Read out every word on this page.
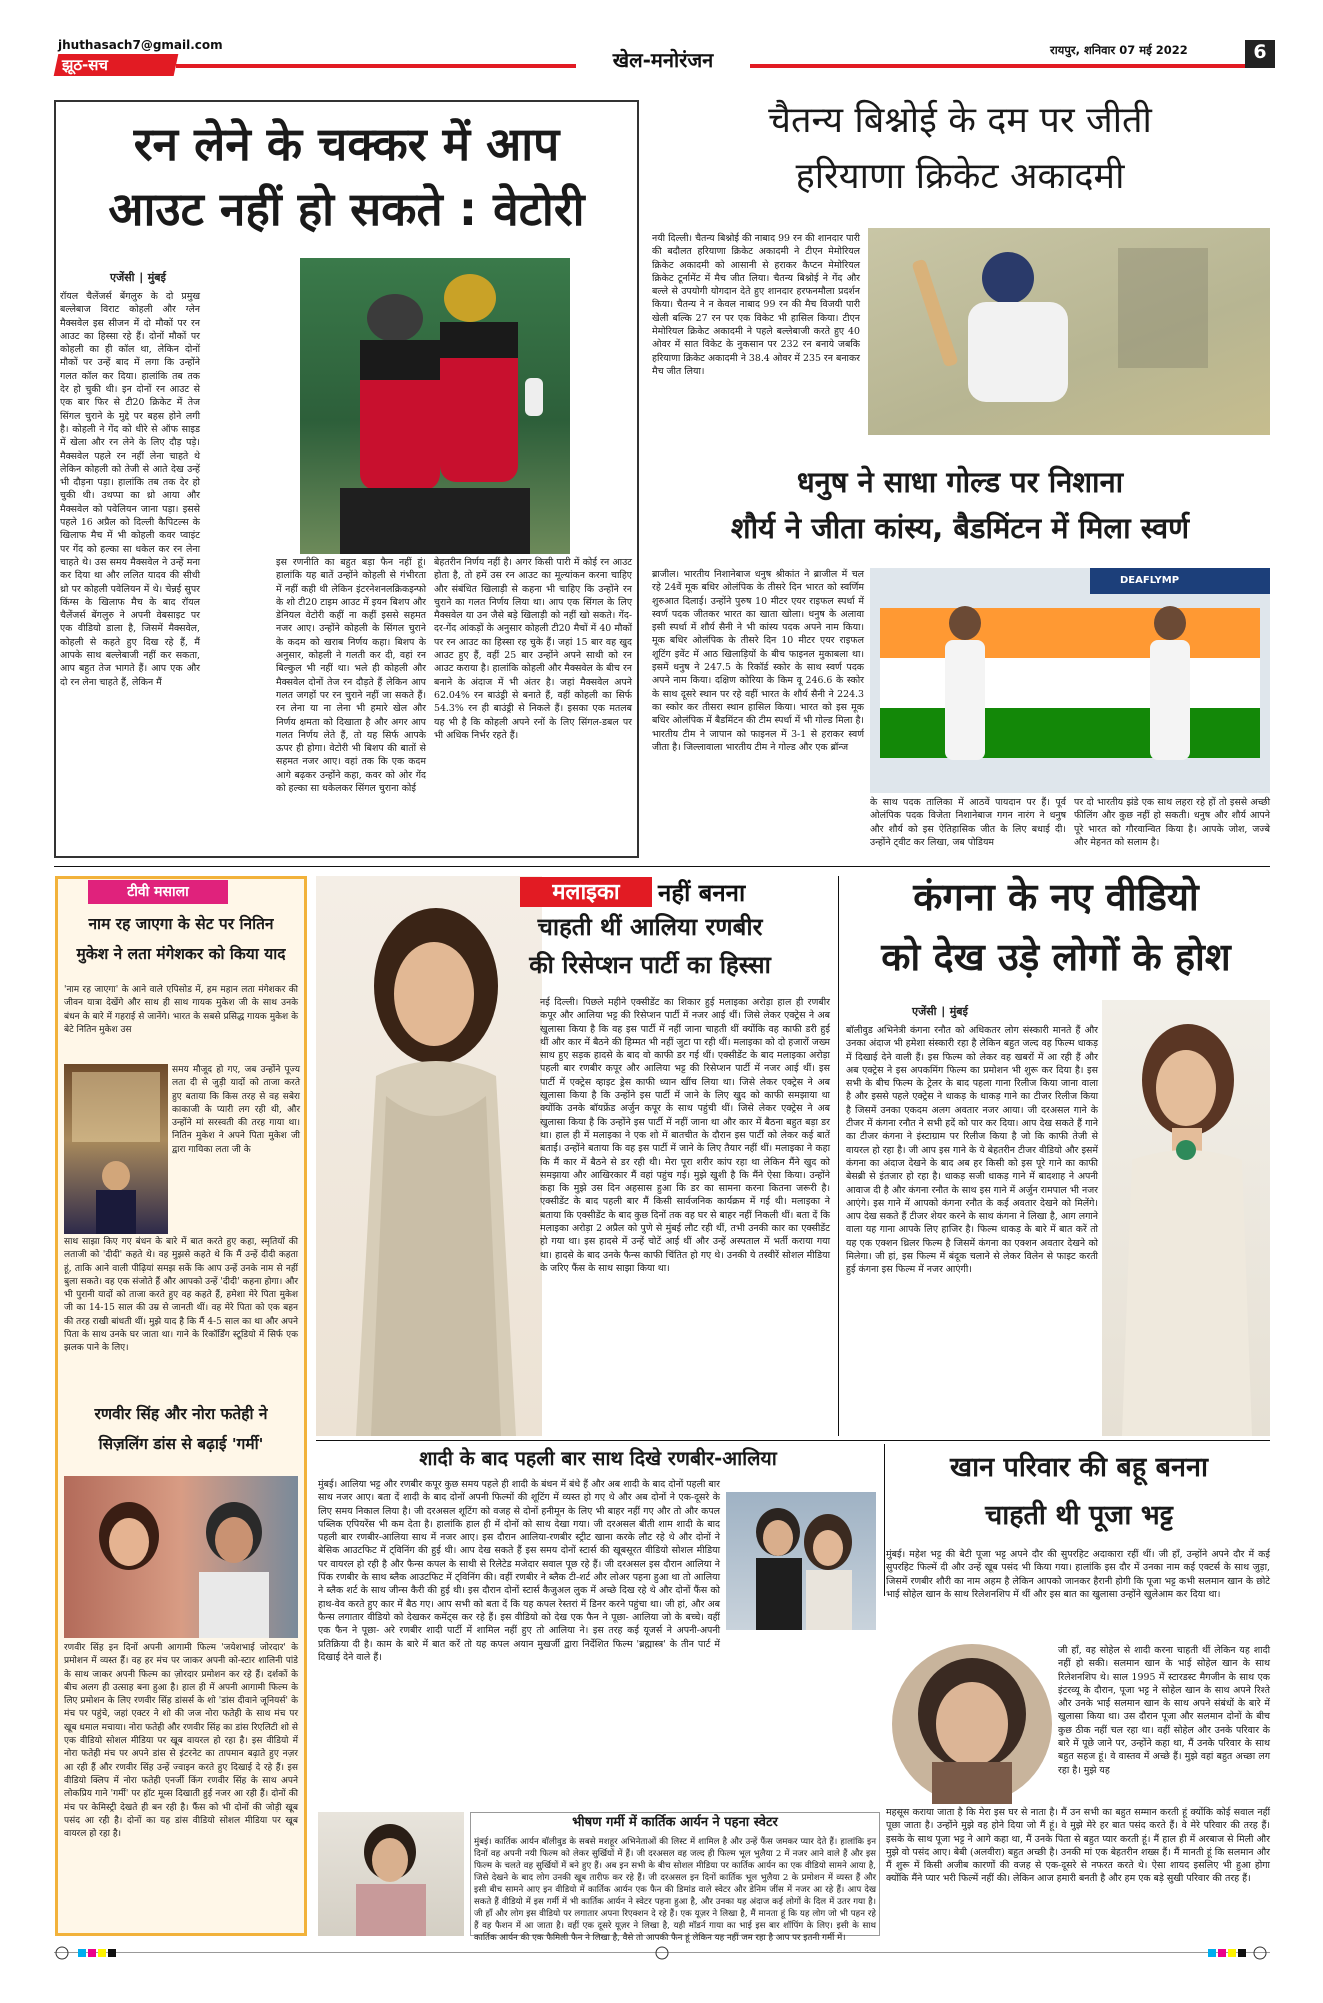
jhuthasach7@gmail.com
झूठ-सच	खेल-मनोरंजन	रायपुर, शनिवार 07 मई 2022	6
रन लेने के चक्कर में आप
आउट नहीं हो सकते : वेटोरी
एजेंसी ∣ मुंबई
रॉयल चैलेंजर्स बेंगलुरु के दो प्रमुख बल्लेबाज विराट कोहली और ग्लेन मैक्सवेल इस सीजन में दो मौकों पर रन आउट का हिस्सा रहे हैं। दोनों मौकों पर कोहली का ही कॉल था, लेकिन दोनों मौकों पर उन्हें बाद में लगा कि उन्होंने गलत कॉल कर दिया। हालांकि तब तक देर हो चुकी थी। इन दोनों रन आउट से एक बार फिर से टी20 क्रिकेट में तेज सिंगल चुराने के मुद्दे पर बहस होने लगी है। कोहली ने गेंद को धीरे से ऑफ साइड में खेला और रन लेने के लिए दौड़ पड़े। मैक्सवेल पहले रन नहीं लेना चाहते थे लेकिन कोहली को तेजी से आते देख उन्हें भी दौड़ना पड़ा। हालांकि तब तक देर हो चुकी थी। उथप्पा का थ्रो आया और मैक्सवेल को पवेलियन जाना पड़ा। इससे पहले 16 अप्रैल को दिल्ली कैपिटल्स के खिलाफ मैच में भी कोहली कवर प्वाइंट पर गेंद को हल्का सा धकेल कर रन लेना चाहते थे। उस समय मैक्सवेल ने उन्हें मना कर दिया था और ललित यादव की सीधी थ्रो पर कोहली पवेलियन में थे। चेन्नई सुपर किंग्स के खिलाफ मैच के बाद रॉयल चैलेंजर्स बेंगलुरु ने अपनी वेबसाइट पर एक वीडियो डाला है, जिसमें मैक्सवेल, कोहली से कहते हुए दिख रहे हैं, मैं आपके साथ बल्लेबाजी नहीं कर सकता, आप बहुत तेज भागते हैं। आप एक और दो रन लेना चाहते हैं, लेकिन मैं
इस रणनीति का बहुत बड़ा फैन नहीं हूं। हालांकि यह बातें उन्होंने कोहली से गंभीरता में नहीं कही थी लेकिन इंटरनेशनलक्रिकइन्फो के शो टी20 टाइम आउट में इयन बिशप और डेनियल वेटोरी कहीं ना कहीं इससे सहमत नजर आए। उन्होंने कोहली के सिंगल चुराने के कदम को खराब निर्णय कहा। बिशप के अनुसार, कोहली ने गलती कर दी, वहां रन बिल्कुल भी नहीं था। भले ही कोहली और मैक्सवेल दोनों तेज रन दौड़ते हैं लेकिन आप गलत जगहों पर रन चुराने नहीं जा सकते हैं। रन लेना या ना लेना भी हमारे खेल और निर्णय क्षमता को दिखाता है और अगर आप गलत निर्णय लेते हैं, तो यह सिर्फ आपके ऊपर ही होगा। वेटोरी भी बिशप की बातों से सहमत नजर आए। वहां तक कि एक कदम आगे बढ़कर उन्होंने कहा, कवर को ओर गेंद को हल्का सा धकेलकर सिंगल चुराना कोई
बेहतरीन निर्णय नहीं है। अगर किसी पारी में कोई रन आउट होता है, तो हमें उस रन आउट का मूल्यांकन करना चाहिए और संबंधित खिलाड़ी से कहना भी चाहिए कि उन्होंने रन चुराने का गलत निर्णय लिया था। आप एक सिंगल के लिए मैक्सवेल या उन जैसे बड़े खिलाड़ी को नहीं खो सकते। गेंद-दर-गेंद आंकड़ों के अनुसार कोहली टी20 मैचों में 40 मौकों पर रन आउट का हिस्सा रह चुके हैं। जहां 15 बार वह खुद आउट हुए हैं, वहीं 25 बार उन्होंने अपने साथी को रन आउट कराया है। हालांकि कोहली और मैक्सवेल के बीच रन बनाने के अंदाज में भी अंतर है। जहां मैक्सवेल अपने 62.04% रन बाउंड्री से बनाते हैं, वहीं कोहली का सिर्फ 54.3% रन ही बाउंड्री से निकले हैं। इसका एक मतलब यह भी है कि कोहली अपने रनों के लिए सिंगल-डबल पर भी अधिक निर्भर रहते हैं।
चैतन्य बिश्नोई के दम पर जीती
हरियाणा क्रिकेट अकादमी
नयी दिल्ली। चैतन्य बिश्नोई की नाबाद 99 रन की शानदार पारी की बदौलत हरियाणा क्रिकेट अकादमी ने टीएन मेमोरियल क्रिकेट अकादमी को आसानी से हराकर कैप्टन मेमोरियल क्रिकेट टूर्नामेंट में मैच जीत लिया। चैतन्य बिश्नोई ने गेंद और बल्ले से उपयोगी योगदान देते हुए शानदार हरफनमौला प्रदर्शन किया। चैतन्य ने न केवल नाबाद 99 रन की मैच विजयी पारी खेली बल्कि 27 रन पर एक विकेट भी हासिल किया। टीएन मेमोरियल क्रिकेट अकादमी ने पहले बल्लेबाजी करते हुए 40 ओवर में सात विकेट के नुकसान पर 232 रन बनाये जबकि हरियाणा क्रिकेट अकादमी ने 38.4 ओवर में 235 रन बनाकर मैच जीत लिया।
धनुष ने साधा गोल्ड पर निशाना
शौर्य ने जीता कांस्य, बैडमिंटन में मिला स्वर्ण
ब्राजील। भारतीय निशानेबाज धनुष श्रीकांत ने ब्राजील में चल रहे 24वें मूक बधिर ओलंपिक के तीसरे दिन भारत को स्वर्णिम शुरुआत दिलाई। उन्होंने पुरुष 10 मीटर एयर राइफल स्पर्धा में स्वर्ण पदक जीतकर भारत का खाता खोला। धनुष के अलावा इसी स्पर्धा में शौर्य सैनी ने भी कांस्य पदक अपने नाम किया। मूक बधिर ओलंपिक के तीसरे दिन 10 मीटर एयर राइफल शूटिंग इवेंट में आठ खिलाड़ियों के बीच फाइनल मुकाबला था। इसमें धनुष ने 247.5 के रिकॉर्ड स्कोर के साथ स्वर्ण पदक अपने नाम किया। दक्षिण कोरिया के किम वू 246.6 के स्कोर के साथ दूसरे स्थान पर रहे वहीं भारत के शौर्य सैनी ने 224.3 का स्कोर कर तीसरा स्थान हासिल किया। भारत को इस मूक बधिर ओलंपिक में बैडमिंटन की टीम स्पर्धा में भी गोल्ड मिला है। भारतीय टीम ने जापान को फाइनल में 3-1 से हराकर स्वर्ण जीता है। जिल्लावाला भारतीय टीम ने गोल्ड और एक ब्रॉन्ज
DEAFLYMP
के साथ पदक तालिका में आठवें पायदान पर हैं। पूर्व ओलंपिक पदक विजेता निशानेबाज गगन नारंग ने धनुष और शौर्य को इस ऐतिहासिक जीत के लिए बधाई दी। उन्होंने ट्वीट कर लिखा, जब पोडियम
पर दो भारतीय झंडे एक साथ लहरा रहे हों तो इससे अच्छी फीलिंग और कुछ नहीं हो सकती। धनुष और शौर्य आपने पूरे भारत को गौरवान्वित किया है। आपके जोश, जज्बे और मेहनत को सलाम है।
टीवी मसाला
नाम रह जाएगा के सेट पर नितिन
मुकेश ने लता मंगेशकर को किया याद
'नाम रह जाएगा' के आने वाले एपिसोड में, हम महान लता मंगेशकर की जीवन यात्रा देखेंगे और साथ ही साथ गायक मुकेश जी के साथ उनके बंधन के बारे में गहराई से जानेंगे। भारत के सबसे प्रसिद्ध गायक मुकेश के बेटे नितिन मुकेश उस
समय मौजूद हो गए, जब उन्होंने पूज्य लता दी से जुड़ी यादों को ताजा करते हुए बताया कि किस तरह से वह सबेरा काकाजी के प्यारी लग रही थी, और उन्होंने मां सरस्वती की तरह गाया था। नितिन मुकेश ने अपने पिता मुकेश जी द्वारा गायिका लता जी के
साथ साझा किए गए बंधन के बारे में बात करते हुए कहा, स्मृतियों की लताजी को 'दीदी' कहते थे। वह मुझसे कहते थे कि मैं उन्हें दीदी कहता हूं, ताकि आने वाली पीढ़ियां समझ सकें कि आप उन्हें उनके नाम से नहीं बुला सकते। वह एक संजोते हैं और आपको उन्हें 'दीदी' कहना होगा। और भी पुरानी यादों को ताजा करते हुए वह कहते हैं, हमेशा मेरे पिता मुकेश जी का 14-15 साल की उम्र से जानती थीं। वह मेरे पिता को एक बहन की तरह राखी बांधती थीं। मुझे याद है कि मैं 4-5 साल का था और अपने पिता के साथ उनके घर जाता था। गाने के रिकॉर्डिंग स्टूडियो में सिर्फ एक झलक पाने के लिए।
रणवीर सिंह और नोरा फतेही ने
सिज़लिंग डांस से बढ़ाई 'गर्मी'
रणवीर सिंह इन दिनों अपनी आगामी फिल्म 'जयेशभाई जोरदार' के प्रमोशन में व्यस्त हैं। वह हर मंच पर जाकर अपनी को-स्टार शालिनी पांडे के साथ जाकर अपनी फिल्म का ज़ोरदार प्रमोशन कर रहे हैं। दर्शकों के बीच अलग ही उत्साह बना हुआ है। हाल ही में अपनी आगामी फिल्म के लिए प्रमोशन के लिए रणवीर सिंह डांसर्स के शो 'डांस दीवाने जूनियर्स' के मंच पर पहुंचे, जहां एक्टर ने शो की जज नोरा फतेही के साथ मंच पर खूब धमाल मचाया। नोरा फतेही और रणवीर सिंह का डांस रिएलिटी शो से एक वीडियो सोशल मीडिया पर खूब वायरल हो रहा है। इस वीडियो में नोरा फतेही मंच पर अपने डांस से इंटरनेट का तापमान बढ़ाते हुए नज़र आ रही हैं और रणवीर सिंह उन्हें ज्वाइन करते हुए दिखाई दे रहे हैं। इस वीडियो क्लिप में नोरा फतेही एनर्जी किंग रणवीर सिंह के साथ अपने लोकप्रिय गाने 'गर्मी' पर हॉट मूव्स दिखाती हुई नजर आ रही हैं। दोनों की मंच पर केमिस्ट्री देखते ही बन रही है। फैंस को भी दोनों की जोड़ी खूब पसंद आ रही है। दोनों का यह डांस वीडियो सोशल मीडिया पर खूब वायरल हो रहा है।
मलाइका	नहीं बनना
चाहती थीं आलिया रणबीर
की रिसेप्शन पार्टी का हिस्सा
नई दिल्ली। पिछले महीने एक्सीडेंट का शिकार हुई मलाइका अरोड़ा हाल ही रणबीर कपूर और आलिया भट्ट की रिसेप्शन पार्टी में नजर आई थीं। जिसे लेकर एक्ट्रेस ने अब खुलासा किया है कि वह इस पार्टी में नहीं जाना चाहती थीं क्योंकि वह काफी डरी हुई थीं और कार में बैठने की हिम्मत भी नहीं जुटा पा रही थीं। मलाइका को दो हजारों जख्म साथ हुए सड़क हादसे के बाद वो काफी डर गई थीं। एक्सीडेंट के बाद मलाइका अरोड़ा पहली बार रणबीर कपूर और आलिया भट्ट की रिसेप्शन पार्टी में नजर आई थीं। इस पार्टी में एक्ट्रेस व्हाइट ड्रेस काफी ध्यान खींच लिया था। जिसे लेकर एक्ट्रेस ने अब खुलासा किया है कि उन्होंने इस पार्टी में जाने के लिए खुद को काफी समझाया था क्योंकि उनके बॉयफ्रेंड अर्जुन कपूर के साथ पहुंची थीं। जिसे लेकर एक्ट्रेस ने अब खुलासा किया है कि उन्होंने इस पार्टी में नहीं जाना था और कार में बैठना बहुत बड़ा डर था। हाल ही में मलाइका ने एक शो में बातचीत के दौरान इस पार्टी को लेकर कई बातें बताईं। उन्होंने बताया कि वह इस पार्टी में जाने के लिए तैयार नहीं थीं। मलाइका ने कहा कि मैं कार में बैठने से डर रही थी। मेरा पूरा शरीर कांप रहा था लेकिन मैंने खुद को समझाया और आखिरकार मैं वहां पहुंच गई। मुझे खुशी है कि मैंने ऐसा किया। उन्होंने कहा कि मुझे उस दिन अहसास हुआ कि डर का सामना करना कितना जरूरी है। एक्सीडेंट के बाद पहली बार मैं किसी सार्वजनिक कार्यक्रम में गई थी। मलाइका ने बताया कि एक्सीडेंट के बाद कुछ दिनों तक वह घर से बाहर नहीं निकली थीं। बता दें कि मलाइका अरोड़ा 2 अप्रैल को पुणे से मुंबई लौट रही थीं, तभी उनकी कार का एक्सीडेंट हो गया था। इस हादसे में उन्हें चोटें आई थीं और उन्हें अस्पताल में भर्ती कराया गया था। हादसे के बाद उनके फैन्स काफी चिंतित हो गए थे। उनकी ये तस्वीरें सोशल मीडिया के जरिए फैंस के साथ साझा किया था।
कंगना के नए वीडियो
को देख उड़े लोगों के होश
एजेंसी ∣ मुंबई
बॉलीवुड अभिनेत्री कंगना रनौत को अधिकतर लोग संस्कारी मानते हैं और उनका अंदाज भी हमेशा संस्कारी रहा है लेकिन बहुत जल्द वह फिल्म धाकड़ में दिखाई देने वाली हैं। इस फिल्म को लेकर वह खबरों में आ रही हैं और अब एक्ट्रेस ने इस अपकमिंग फिल्म का प्रमोशन भी शुरू कर दिया है। इस सभी के बीच फिल्म के ट्रेलर के बाद पहला गाना रिलीज किया जाना वाला है और इससे पहले एक्ट्रेस ने धाकड़ के धाकड़ गाने का टीजर रिलीज किया है जिसमें उनका एकदम अलग अवतार नजर आया। जी दरअसल गाने के टीजर में कंगना रनौत ने सभी हदें को पार कर दिया। आप देख सकते हैं गाने का टीजर कंगना ने इंस्टाग्राम पर रिलीज किया है जो कि काफी तेजी से वायरल हो रहा है। जी आप इस गाने के ये बेहतरीन टीजर वीडियो और इसमें कंगना का अंदाज देखने के बाद अब हर किसी को इस पूरे गाने का काफी बेसब्री से इंतजार हो रहा है। धाकड़ सजी धाकड़ गाने में बादशाह ने अपनी आवाज दी है और कंगना रनौत के साथ इस गाने में अर्जुन रामपाल भी नजर आएंगे। इस गाने में आपको कंगना रनौत के कई अवतार देखने को मिलेंगे। आप देख सकते हैं टीजर शेयर करने के साथ कंगना ने लिखा है, आग लगाने वाला यह गाना आपके लिए हाजिर है। फिल्म धाकड़ के बारे में बात करें तो यह एक एक्शन थ्रिलर फिल्म है जिसमें कंगना का एक्शन अवतार देखने को मिलेगा। जी हां, इस फिल्म में बंदूक चलाने से लेकर विलेन से फाइट करती हुई कंगना इस फिल्म में नजर आएंगी।
शादी के बाद पहली बार साथ दिखे रणबीर-आलिया
मुंबई। आलिया भट्ट और रणबीर कपूर कुछ समय पहले ही शादी के बंधन में बंधे हैं और अब शादी के बाद दोनों पहली बार साथ नजर आए। बता दें शादी के बाद दोनों अपनी फिल्मों की शूटिंग में व्यस्त हो गए थे और अब दोनों ने एक-दूसरे के लिए समय निकाल लिया है। जी दरअसल शूटिंग को वजह से दोनों हनीमून के लिए भी बाहर नहीं गए और तो और कपल पब्लिक एपियरेंस भी कम देता है। हालांकि हाल ही में दोनों को साथ देखा गया। जी दरअसल बीती शाम शादी के बाद पहली बार रणबीर-आलिया साथ में नजर आए। इस दौरान आलिया-रणबीर स्ट्रीट खाना करके लौट रहे थे और दोनों ने बेसिक आउटफिट में ट्विनिंग की हुई थी। आप देख सकते हैं इस समय दोनों स्टार्स की खूबसूरत वीडियो सोशल मीडिया पर वायरल हो रही है और फैन्स कपल के साथी से रिलेटेड मजेदार सवाल पूछ रहे हैं। जी दरअसल इस दौरान आलिया ने पिंक रणबीर के साथ ब्लैक आउटफिट में ट्विनिंग की। वहीं रणबीर ने ब्लैक टी-शर्ट और लोअर पहना हुआ था तो आलिया ने ब्लैक शर्ट के साथ जीन्स कैरी की हुई थी। इस दौरान दोनों स्टार्स कैजुअल लुक में अच्छे दिख रहे थे और दोनों फैंस को हाथ-वेव करते हुए कार में बैठ गए। आप सभी को बता दें कि यह कपल रेस्तरां में डिनर करने पहुंचा था। जी हां, और अब फैन्स लगातार वीडियो को देखकर कमेंट्स कर रहे हैं। इस वीडियो को देख एक फैन ने पूछा- आलिया जो के बच्चे। वहीं एक फैन ने पूछा- अरे रणबीर शादी पार्टी में शामिल नहीं हुए तो आलिया ने। इस तरह कई यूजर्स ने अपनी-अपनी प्रतिक्रिया दी है। काम के बारे में बात करें तो यह कपल अयान मुखर्जी द्वारा निर्देशित फिल्म 'ब्रह्मास्त्र' के तीन पार्ट में दिखाई देने वाले हैं।
खान परिवार की बहू बनना
चाहती थी पूजा भट्ट
मुंबई। महेश भट्ट की बेटी पूजा भट्ट अपने दौर की सुपरहिट अदाकारा रहीं थीं। जी हाँ, उन्होंने अपने दौर में कई सुपरहिट फिल्में दी और उन्हें खूब पसंद भी किया गया। हालांकि इस दौर में उनका नाम कई एक्टर्स के साथ जुड़ा, जिसमें रणबीर शौरी का नाम अहम है लेकिन आपको जानकर हैरानी होगी कि पूजा भट्ट कभी सलमान खान के छोटे भाई सोहेल खान के साथ रिलेशनशिप में थीं और इस बात का खुलासा उन्होंने खुलेआम कर दिया था।
जी हाँ, वह सोहेल से शादी करना चाहती थीं लेकिन यह शादी नहीं हो सकी। सलमान खान के भाई सोहेल खान के साथ रिलेशनशिप थे। साल 1995 में स्टारडस्ट मैगजीन के साथ एक इंटरव्यू के दौरान, पूजा भट्ट ने सोहेल खान के साथ अपने रिश्ते और उनके भाई सलमान खान के साथ अपने संबंधों के बारे में खुलासा किया था। उस दौरान पूजा और सलमान दोनों के बीच कुछ ठीक नहीं चल रहा था। वहीं सोहेल और उनके परिवार के बारे में पूछे जाने पर, उन्होंने कहा था, मैं उनके परिवार के साथ बहुत सहज हूं। वे वास्तव में अच्छे हैं। मुझे वहां बहुत अच्छा लग रहा है। मुझे यह
महसूस कराया जाता है कि मेरा इस घर से नाता है। मैं उन सभी का बहुत सम्मान करती हूं क्योंकि कोई सवाल नहीं पूछा जाता है। उन्होंने मुझे वह होने दिया जो मैं हूं। वे मुझे मेरे हर बात पसंद करते हैं। वे मेरे परिवार की तरह हैं। इसके के साथ पूजा भट्ट ने आगे कहा था, मैं उनके पिता से बहुत प्यार करती हूं। मैं हाल ही में अरबाज से मिली और मुझे वो पसंद आए। बेबी (अलवीरा) बहुत अच्छी है। उनकी मां एक बेहतरीन शख्स हैं। मैं मानती हूं कि सलमान और मैं शुरू में किसी अजीब कारणों की वजह से एक-दूसरे से नफरत करते थे। ऐसा शायद इसलिए भी हुआ होगा क्योंकि मैंने प्यार भरी फिल्में नहीं की। लेकिन आज हमारी बनती है और हम एक बड़े सुखी परिवार की तरह हैं।
भीषण गर्मी में कार्तिक आर्यन ने पहना स्वेटर
मुंबई। कार्तिक आर्यन बॉलीवुड के सबसे मशहूर अभिनेताओं की लिस्ट में शामिल है और उन्हें फैंस जमकर प्यार देते हैं। हालांकि इन दिनों वह अपनी नयी फिल्म को लेकर सुर्खियों में हैं। जी दरअसल वह जल्द ही फिल्म भूल भुलैया 2 में नजर आने वाले हैं और इस फिल्म के चलते वह सुर्खियों में बने हुए हैं। अब इन सभी के बीच सोशल मीडिया पर कार्तिक आर्यन का एक वीडियो सामने आया है, जिसे देखने के बाद लोग उनकी खूब तारीफ कर रहे हैं। जी दरअसल इन दिनों कार्तिक भूल भुलैया 2 के प्रमोशन में व्यस्त हैं और इसी बीच सामने आए इन वीडियो में कार्तिक आर्यन एक फैन की डिमांड वाले स्वेटर और डेनिम जींस में नजर आ रहे हैं। आप देख सकते हैं वीडियो में इस गर्मी में भी कार्तिक आर्यन ने स्वेटर पहना हुआ है, और उनका यह अंदाज कई लोगों के दिल में उतर गया है। जी हाँ और लोग इस वीडियो पर लगातार अपना रिएक्शन दे रहे हैं। एक यूज़र ने लिखा है, मैं मानता हूं कि यह लोग जो भी पहन रहे हैं वह फैशन में आ जाता है। वहीं एक दूसरे यूज़र ने लिखा है, यही मॉडर्न गाया का भाई इस बार शॉपिंग के लिए। इसी के साथ कार्तिक आर्यन की एक फैमिली फैन ने लिखा है, वैसे तो आपकी फैन हूं लेकिन यह नहीं जम रहा है आप पर इतनी गर्मी में।
